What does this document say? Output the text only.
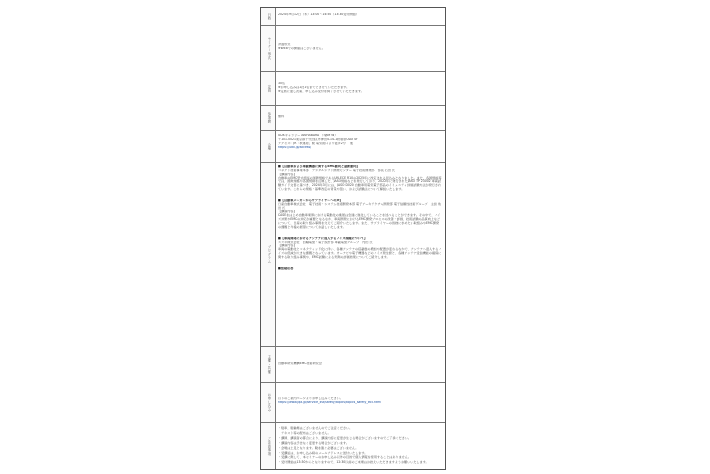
日時 2024年9月12日（木）13:00～14:50（13:30受付開始）
セミナー形式 対面形式
※WEBでの開催はございません。
定員
30名
※お申し込みは1社1名までとさせていただきます。
※定員に達し次第、申し込み受付を終了させていただきます。
参加費 無料
会場
UDXギャラリー AKIHABARA （Type W）
〒101-0021東京都千代田区外神田4-14-1秋葉原UDX 4F
アクセス：JR「秋葉原」駅 電気街口より徒歩2分　 他
https://udx.jp/access/
プログラム
■【自動車および車載機器に関するEMC動向と最新動向】
コネクト技術事業本部　デジタルシフト開発センター 電子技術開発部　部長 石田 氏
【講演内容】
自動車のEMC型式認証の国際規格であるUN-ECE R10の2025年に改定される見込みとなりました。また、各国規格等では、国際規格や各国規制を反映した、JASO規格などを発行しており、2022年に発行されたJASO TP 23002 車両試験ガイド文書に基づき、2024年3月には、JASO D020 自動車用電気電子部品のイミュニティ評価試験方法が発行されています。これらの規格・基準改定の背景や狙い、および試験法について解説いたします。
■【自動車メーカーからサプライヤーへの声】
日産自動車株式会社　電子技術・システム技術開発本部 電子アーキテクチャ開発部 電子信頼性技術グループ　主担 角田 氏
【講演内容】
CASEをはじめ自動車業界における電動化の進展は急速に進化していることを述べることができます。その中で、ノイズ対策やEMCの対応が重要となるなか、車両開発におけるEMC開発プロセスの改善・評価、技術試験の品質向上などについて、日産の取り組み事例を交えてご紹介いたします。また、サプライヤーの皆様に求めたい取組みやEMC開発の課題と今後の展望についてお話しいたします。
■【車両開発におけるアンテナに混入するノイズ課題について】
スズキ株式会社　四輪電装・電子設計部 車載電装グループ　内田 氏
【講演内容】
車両の電動化とコネクティッド化に伴い、各種アンテナの搭載数の増加や配置が変わるなかで、アンテナへ混入するノイズの低減が大きな課題となっています。カーナビや電子機器などのノイズ発生源と、各種アンテナ受信機能の確保に関する取り組み事例や、EMC試験による実際の評価結果についてご紹介します。
■質疑応答
主催・共催 自動車研究機構EMC技術研究会
お申し込み 以下のご案内ページよりお申し込みください。
https://www.jqa.jp/service_list/safety/topics/topics_safety_t65.html
ご注意事項
・駐車、駐輪場はございませんのでご注意ください。
　テキスト等の配布はございません。
・講師、講演者の都合により、講演内容に変更が生じる場合がございますのでご了承ください。
・講演内容は予告なく変更する場合がございます。
・会場は土足となります。靴を脱ぐ必要はございません。
・受講証は、お申し込み時のメールアドレスに送付いたします。
・受講に際して、本セミナーのお申し込み以外の目的で個人情報を使用することはありません。
・受付開始は13:30からとなりますので、12:30以前のご来場はお控えいただきますようお願いいたします。
